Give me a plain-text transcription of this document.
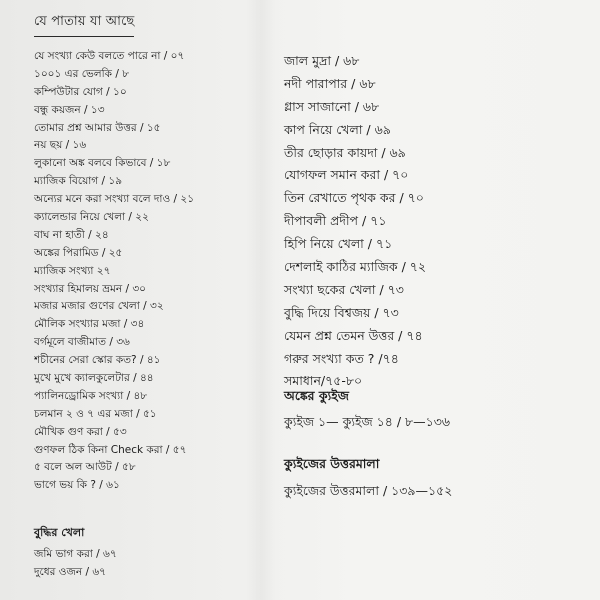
যে পাতায় যা আছে
যে সংখ্যা কেউ বলতে পারে না / ০৭
১০০১ এর ভেলকি / ৮
কম্পিউটার যোগ / ১০
বন্ধু কয়জন / ১৩
তোমার প্রশ্ন আমার উত্তর / ১৫
নয় ছয় / ১৬
লুকানো অঙ্ক বলবে কিভাবে / ১৮
ম্যাজিক বিয়োগ / ১৯
অন্যের মনে করা সংখ্যা বলে দাও / ২১
ক্যালেন্ডার নিয়ে খেলা / ২২
বাঘ না হাতী / ২৪
অঙ্কের পিরামিড / ২৫
ম্যাজিক সংখ্যা ২৭
সংখ্যার হিমালয় ভ্রমন / ৩০
মজার মজার গুণের খেলা / ৩২
মৌলিক সংখ্যার মজা / ৩৪
বর্গমূলে বাজীমাত / ৩৬
শচীনের সেরা স্কোর কত? / ৪১
মুখে মুখে ক্যালকুলেটার / ৪৪
প্যালিনড্রোমিক সংখ্যা / ৪৮
চলমান ২ ও ৭ এর মজা / ৫১
মৌখিক গুণ করা / ৫৩
গুণফল ঠিক কিনা Check করা / ৫৭
৫ বলে অল আউট / ৫৮
ভাগে ভয় কি ? / ৬১
বুদ্ধির খেলা
জমি ভাগ করা / ৬৭
দুধের ওজন / ৬৭
জাল মুদ্রা / ৬৮
নদী পারাপার / ৬৮
গ্লাস সাজানো / ৬৮
কাপ নিয়ে খেলা / ৬৯
তীর ছোড়ার কায়দা / ৬৯
যোগফল সমান করা / ৭০
তিন রেখাতে পৃথক কর / ৭০
দীপাবলী প্রদীপ / ৭১
হিপি নিয়ে খেলা / ৭১
দেশলাই কাঠির ম্যাজিক / ৭২
সংখ্যা ছকের খেলা / ৭৩
বুদ্ধি দিয়ে বিশ্বজয় / ৭৩
যেমন প্রশ্ন তেমন উত্তর / ৭৪
গরুর সংখ্যা কত ? /৭৪
সমাধান/৭৫-৮০
অঙ্কের ক্যুইজ
ক্যুইজ ১— ক্যুইজ ১৪ / ৮—১৩৬
ক্যুইজের উত্তরমালা
ক্যুইজের উত্তরমালা / ১৩৯—১৫২
